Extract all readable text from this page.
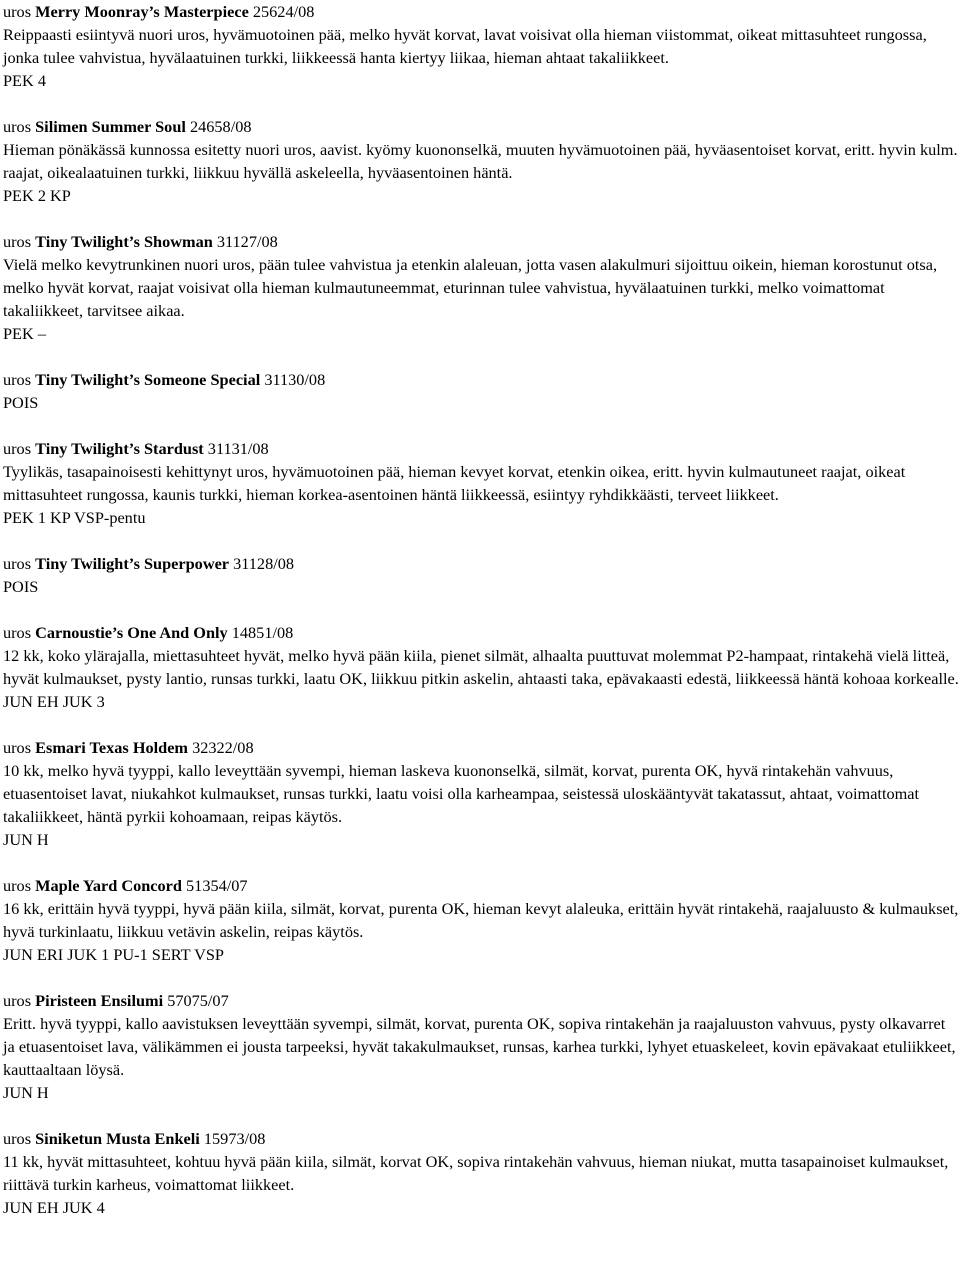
uros Merry Moonray’s Masterpiece 25624/08

Reippaasti esiintyvä nuori uros, hyvämuotoinen pää, melko hyvät korvat, lavat voisivat olla hieman viistommat, oikeat mittasuhteet rungossa, jonka tulee vahvistua, hyvälaatuinen turkki, liikkeessä hanta kiertyy liikaa, hieman ahtaat takaliikkeet.

PEK 4

uros Silimen Summer Soul 24658/08

Hieman pönäkässä kunnossa esitetty nuori uros, aavist. kyömy kuononselkä, muuten hyvämuotoinen pää, hyväasentoiset korvat, eritt. hyvin kulm. raajat, oikealaatuinen turkki, liikkuu hyvällä askeleella, hyväasentoinen häntä.

PEK 2 KP

uros Tiny Twilight’s Showman 31127/08

Vielä melko kevytrunkinen nuori uros, pään tulee vahvistua ja etenkin alaleuan, jotta vasen alakulmuri sijoittuu oikein, hieman korostunut otsa, melko hyvät korvat, raajat voisivat olla hieman kulmautuneemmat, eturinnan tulee vahvistua, hyvälaatuinen turkki, melko voimattomat takaliikkeet, tarvitsee aikaa.

PEK –

uros Tiny Twilight’s Someone Special 31130/08

POIS

uros Tiny Twilight’s Stardust 31131/08

Tyylikäs, tasapainoisesti kehittynyt uros, hyvämuotoinen pää, hieman kevyet korvat, etenkin oikea, eritt. hyvin kulmautuneet raajat, oikeat mittasuhteet rungossa, kaunis turkki, hieman korkea-asentoinen häntä liikkeessä, esiintyy ryhdikkäästi, terveet liikkeet.

PEK 1 KP VSP-pentu

uros Tiny Twilight’s Superpower 31128/08

POIS

uros Carnoustie’s One And Only 14851/08

12 kk, koko ylärajalla, miettasuhteet hyvät, melko hyvä pään kiila, pienet silmät, alhaalta puuttuvat molemmat P2-hampaat, rintakehä vielä litteä, hyvät kulmaukset, pysty lantio, runsas turkki, laatu OK, liikkuu pitkin askelin, ahtaasti taka, epävakaasti edestä, liikkeessä häntä kohoaa korkealle.

JUN EH JUK 3

uros Esmari Texas Holdem 32322/08

10 kk, melko hyvä tyyppi, kallo leveyttään syvempi, hieman laskeva kuononselkä, silmät, korvat, purenta OK, hyvä rintakehän vahvuus, etuasentoiset lavat, niukahkot kulmaukset, runsas turkki, laatu voisi olla karheampaa, seistessä uloskääntyvät takatassut, ahtaat, voimattomat takaliikkeet, häntä pyrkii kohoamaan, reipas käytös.

JUN H

uros Maple Yard Concord 51354/07

16 kk, erittäin hyvä tyyppi, hyvä pään kiila, silmät, korvat, purenta OK, hieman kevyt alaleuka, erittäin hyvät rintakehä, raajaluusto & kulmaukset, hyvä turkinlaatu, liikkuu vetävin askelin, reipas käytös.

JUN ERI JUK 1 PU-1 SERT VSP

uros Piristeen Ensilumi 57075/07

Eritt. hyvä tyyppi, kallo aavistuksen leveyttään syvempi, silmät, korvat, purenta OK, sopiva rintakehän ja raajaluuston vahvuus, pysty olkavarret ja etuasentoiset lava, välikämmen ei jousta tarpeeksi, hyvät takakulmaukset, runsas, karhea turkki, lyhyet etuaskeleet, kovin epävakaat etuliikkeet, kauttaaltaan löysä.

JUN H

uros Siniketun Musta Enkeli 15973/08

11 kk, hyvät mittasuhteet, kohtuu hyvä pään kiila, silmät, korvat OK, sopiva rintakehän vahvuus, hieman niukat, mutta tasapainoiset kulmaukset, riittävä turkin karheus, voimattomat liikkeet.

JUN EH JUK 4
